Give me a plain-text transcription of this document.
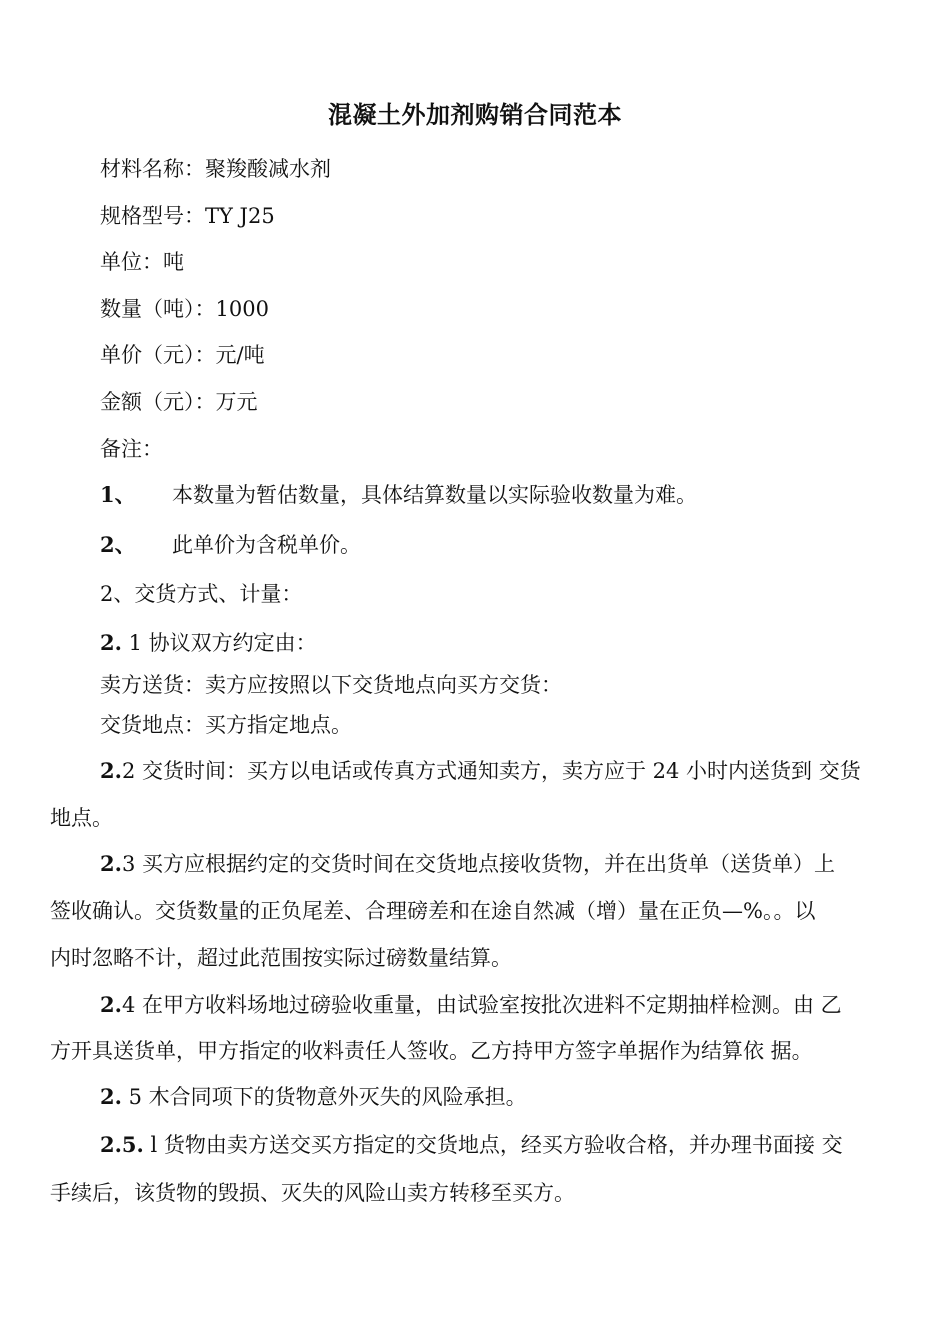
混凝土外加剂购销合同范本
材料名称：聚羧酸减水剂
规格型号：TY J25
单位：吨
数量（吨）：1000
单价（元）：元/吨
金额（元）：万元
备注：
1、 本数量为暂估数量，具体结算数量以实际验收数量为难。
2、 此单价为含税单价。
2、交货方式、计量：
2. 1 协议双方约定由：
卖方送货：卖方应按照以下交货地点向买方交货：
交货地点：买方指定地点。
2.2 交货时间：买方以电话或传真方式通知卖方，卖方应于 24 小时内送货到 交货
地点。
2.3 买方应根据约定的交货时间在交货地点接收货物，并在出货单（送货单）上
签收确认。交货数量的正负尾差、合理磅差和在途自然减（增）量在正负—%。。以
内时忽略不计，超过此范围按实际过磅数量结算。
2.4 在甲方收料场地过磅验收重量，由试验室按批次进料不定期抽样检测。由 乙
方开具送货单，甲方指定的收料责任人签收。乙方持甲方签字单据作为结算依 据。
2. 5 木合同项下的货物意外灭失的风险承担。
2.5. l 货物由卖方送交买方指定的交货地点，经买方验收合格，并办理书面接 交
手续后，该货物的毁损、灭失的风险山卖方转移至买方。
